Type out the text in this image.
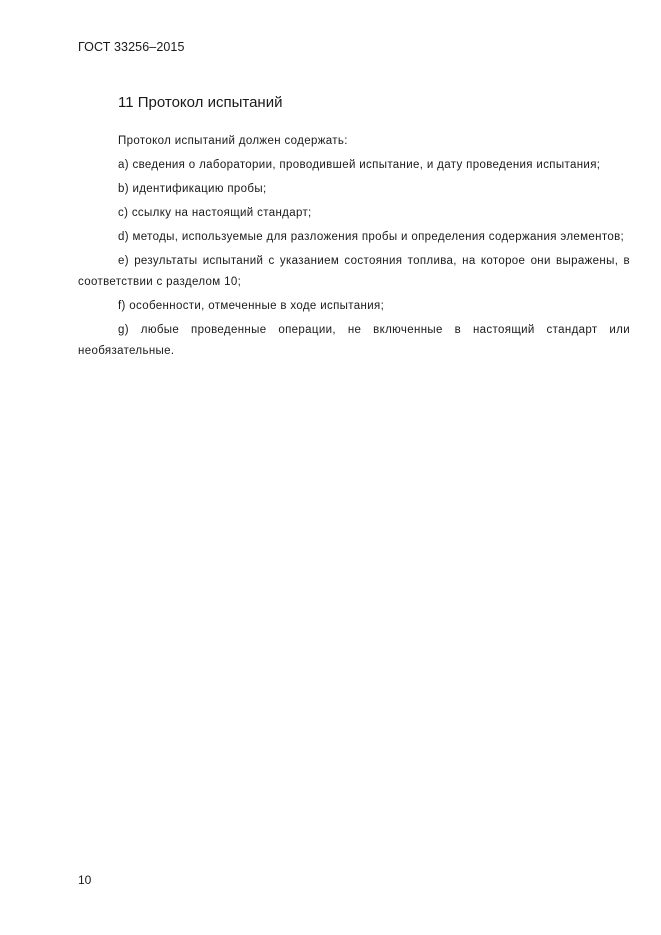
ГОСТ 33256–2015
11 Протокол испытаний

Протокол испытаний должен содержать:

а) сведения о лаборатории, проводившей испытание, и дату проведения испытания;

b) идентификацию пробы;

c) ссылку на настоящий стандарт;

d) методы, используемые для разложения пробы и определения содержания элементов;

e) результаты испытаний с указанием состояния топлива, на которое они выражены, в соответствии с разделом 10;

f) особенности, отмеченные в ходе испытания;

g) любые проведенные операции, не включенные в настоящий стандарт или необязательные.

10
